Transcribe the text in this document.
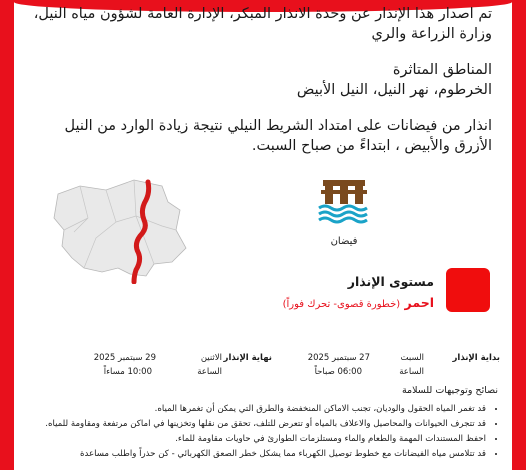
تم اصدار هذا الإنذار عن وحدة الانذار المبكر، الإدارة العامة لشؤون مياه النيل، وزارة الزراعة والري
المناطق المتاثرة
الخرطوم، نهر النيل، النيل الأبيض
انذار من فيضانات على امتداد الشريط النيلي نتيجة زيادة الوارد من النيل الأزرق والأبيض ، ابتداءً من صباح السبت.
فيضان
مستوى الإنذار
احمر (خطورة قصوى- تحرك فوراً)
بداية الإنذار
السبت
الساعة
27 سبتمبر 2025
06:00 صباحاً
نهاية الإنذار
الاثنين
الساعة
29 سبتمبر 2025
10:00 مساءاً
نصائح وتوجيهات للسلامة
• قد تغمر المياه الحقول والوديان، تجنب الاماكن المنخفضة والطرق التي يمكن أن تغمرها المياه.
• قد تتجرف الحيوانات والمحاصيل والاعلاف بالمياه أو تتعرض للتلف، تحقق من نقلها وتخزينها في اماكن مرتفعة ومقاومة للمياه.
• احفظ المستندات المهمة والطعام والماء ومستلزمات الطوارئ في حاويات مقاومة للماء.
• قد تتلامس مياه الفيضانات مع خطوط توصيل الكهرباء مما يشكل خطر الصعق الكهربائي - كن حذراً واطلب مساعدة
